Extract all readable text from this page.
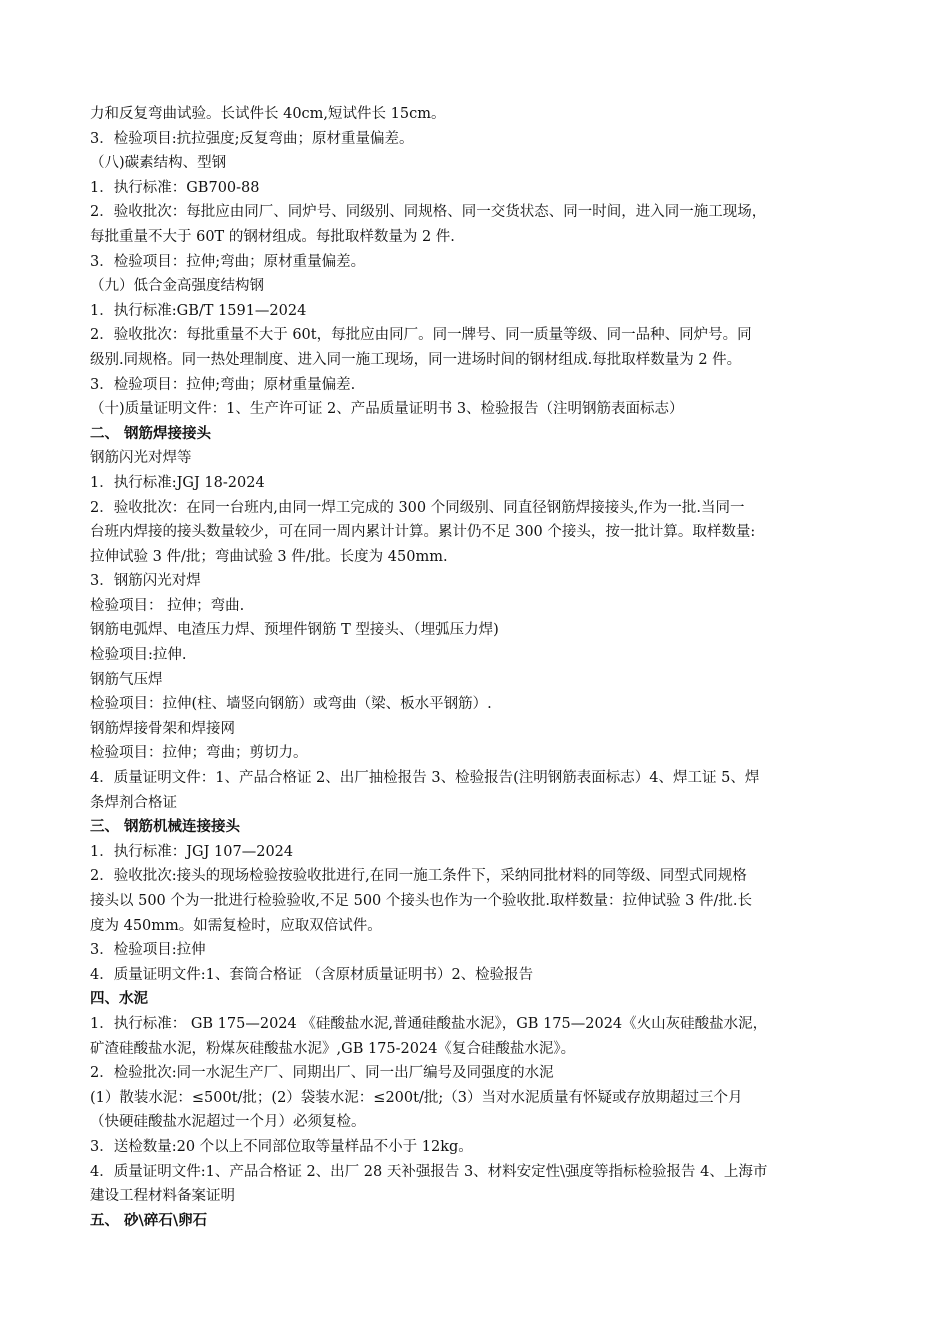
力和反复弯曲试验。长试件长 40cm,短试件长 15cm。
3．检验项目:抗拉强度;反复弯曲；原材重量偏差。
（八)碳素结构、型钢
1．执行标准：GB700-88
2．验收批次：每批应由同厂、同炉号、同级别、同规格、同一交货状态、同一时间，进入同一施工现场，
每批重量不大于 60T 的钢材组成。每批取样数量为 2 件.
3．检验项目：拉伸;弯曲；原材重量偏差。
（九）低合金高强度结构钢
1．执行标准:GB/T 1591—2024
2．验收批次：每批重量不大于 60t，每批应由同厂。同一牌号、同一质量等级、同一品种、同炉号。同
级别.同规格。同一热处理制度、进入同一施工现场，同一进场时间的钢材组成.每批取样数量为 2 件。
3．检验项目：拉伸;弯曲；原材重量偏差.
（十)质量证明文件：1、生产许可证 2、产品质量证明书 3、检验报告（注明钢筋表面标志）
二、 钢筋焊接接头
钢筋闪光对焊等
1．执行标准:JGJ 18-2024
2．验收批次：在同一台班内,由同一焊工完成的 300 个同级别、同直径钢筋焊接接头,作为一批.当同一
台班内焊接的接头数量较少，可在同一周内累计计算。累计仍不足 300 个接头，按一批计算。取样数量:
拉伸试验 3 件/批；弯曲试验 3 件/批。长度为 450mm.
3．钢筋闪光对焊
检验项目： 拉伸；弯曲.
钢筋电弧焊、电渣压力焊、预埋件钢筋 T 型接头、（埋弧压力焊)
检验项目:拉伸.
钢筋气压焊
检验项目：拉伸(柱、墙竖向钢筋）或弯曲（梁、板水平钢筋）.
钢筋焊接骨架和焊接网
检验项目：拉伸；弯曲；剪切力。
4．质量证明文件：1、产品合格证 2、出厂抽检报告 3、检验报告(注明钢筋表面标志）4、焊工证 5、焊
条焊剂合格证
三、 钢筋机械连接接头
1．执行标准：JGJ 107—2024
2．验收批次:接头的现场检验按验收批进行,在同一施工条件下，采纳同批材料的同等级、同型式同规格
接头以 500 个为一批进行检验验收,不足 500 个接头也作为一个验收批.取样数量：拉伸试验 3 件/批.长
度为 450mm。如需复检时，应取双倍试件。
3．检验项目:拉伸
4．质量证明文件:1、套筒合格证 （含原材质量证明书）2、检验报告
四、水泥
1．执行标准： GB 175—2024 《硅酸盐水泥,普通硅酸盐水泥》，GB 175—2024《火山灰硅酸盐水泥，
矿渣硅酸盐水泥，粉煤灰硅酸盐水泥》,GB 175-2024《复合硅酸盐水泥》。
2．检验批次:同一水泥生产厂、同期出厂、同一出厂编号及同强度的水泥
(1）散装水泥：≤500t/批；(2）袋装水泥：≤200t/批;（3）当对水泥质量有怀疑或存放期超过三个月
（快硬硅酸盐水泥超过一个月）必须复检。
3．送检数量:20 个以上不同部位取等量样品不小于 12kg。
4．质量证明文件:1、产品合格证 2、出厂 28 天补强报告 3、材料安定性\强度等指标检验报告 4、上海市
建设工程材料备案证明
五、 砂\碎石\卵石
